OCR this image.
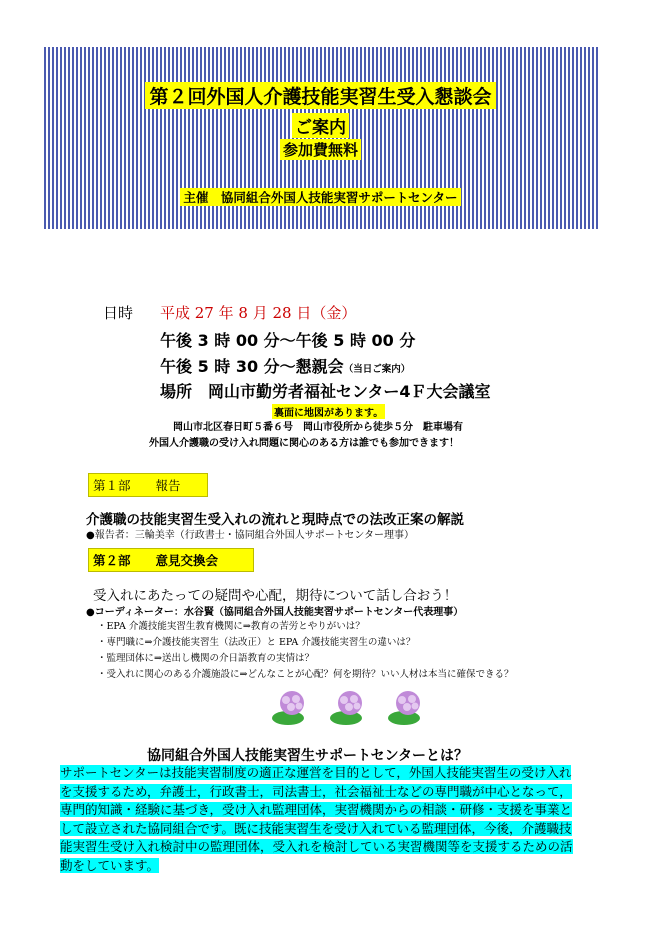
第２回外国人介護技能実習生受入懇談会
ご案内
参加費無料
主催　協同組合外国人技能実習サポートセンター
日時 平成 27 年 8 月 28 日（金）
午後 3 時 00 分～午後 5 時 00 分
午後 5 時 30 分～懇親会（当日ご案内）
場所　岡山市勤労者福祉センター4Ｆ大会議室
裏面に地図があります。
岡山市北区春日町５番６号　岡山市役所から徒歩５分　駐車場有
外国人介護職の受け入れ問題に関心のある方は誰でも参加できます！
第１部　　報告
介護職の技能実習生受入れの流れと現時点での法改正案の解説
●報告者：三輪美幸（行政書士・協同組合外国人サポートセンター理事）
第２部　　意見交換会
受入れにあたっての疑問や心配，期待について話し合おう！
●コーディネーター：水谷賢（協同組合外国人技能実習サポートセンター代表理事）
・EPA 介護技能実習生教育機関に⇒教育の苦労とやりがいは？
・専門職に⇒介護技能実習生（法改正）と EPA 介護技能実習生の違いは？
・監理団体に⇒送出し機関の介日語教育の実情は？
・受入れに関心のある介護施設に⇒どんなことが心配？何を期待？いい人材は本当に確保できる？
協同組合外国人技能実習生サポートセンターとは？
サポートセンターは技能実習制度の適正な運営を目的として，外国人技能実習生の受け入れ
を支援するため，弁護士，行政書士，司法書士，社会福祉士などの専門職が中心となって，
専門的知識・経験に基づき，受け入れ監理団体，実習機関からの相談・研修・支援を事業と
して設立された協同組合です。既に技能実習生を受け入れている監理団体，今後，介護職技
能実習生受け入れ検討中の監理団体，受入れを検討している実習機関等を支援するための活
動をしています。
